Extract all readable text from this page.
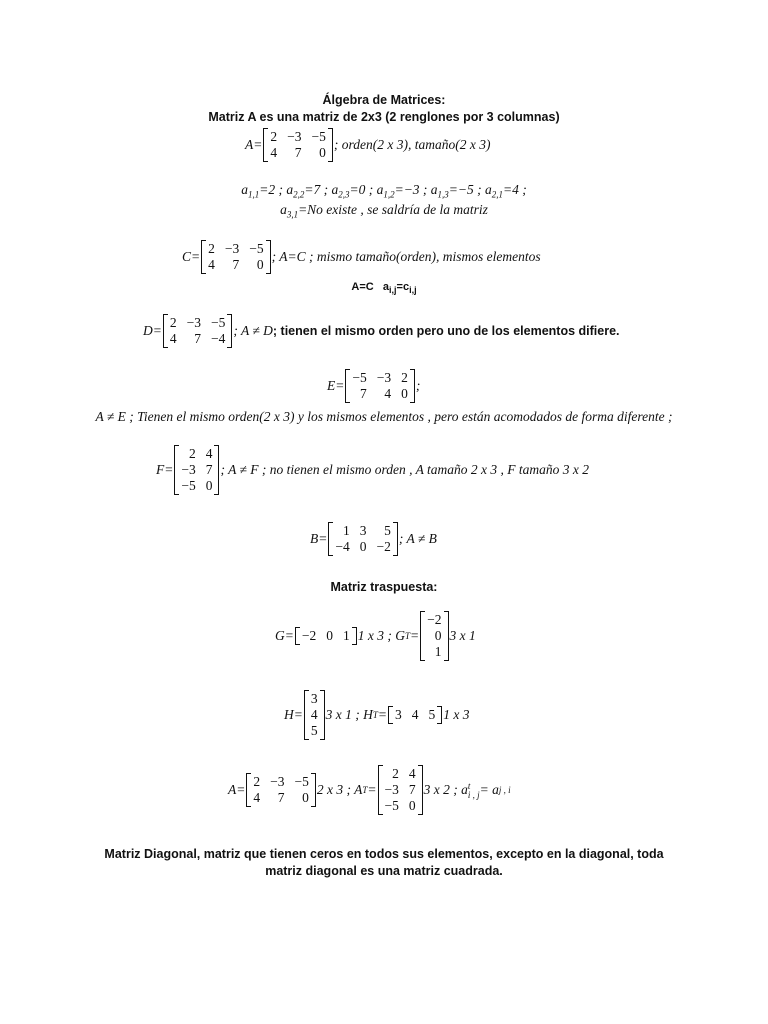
Álgebra de Matrices:
Matriz A es una matriz de 2x3 (2 renglones por 3 columnas)
A=
2	−3	−5
4	7	0
; orden(2 x 3), tamaño(2 x 3)
$a_{1,1}=2$ ; $a_{2,2}=7$ ; $a_{2,3}=0$ ; $a_{1,2}=-3$ ; $a_{1,3}=-5$ ; $a_{2,1}=4$ ;
$a_{3,1}=No$ existe , se saldría de la matriz
C=
2	−3	−5
4	7	0
; A=C ; mismo tamaño(orden), mismos elementos
A=C   $a_{i,j}=c_{i,j}$
D=
2	−3	−5
4	7	−4
; A ≠ D ; tienen el mismo orden pero uno de los elementos difiere.
E=
−5	−3	2
7	4	0
;
A ≠ E ; Tienen el mismo orden(2 x 3) y los mismos elementos , pero están acomodados de forma diferente ;
F=
2	4
−3	7
−5	0
; A ≠ F ; no tienen el mismo orden , A tamaño 2 x 3 , F tamaño 3 x 2
B=
1	3	5
−4	0	−2
; A ≠ B
Matriz traspuesta:
G= −2	0	1 1 x 3 ; G T =
−2
0
1
3 x 1
H=
3
4
5
3 x 1 ; H T = 3	4	5 1 x 3
A=
2	−3	−5
4	7	0
2 x 3 ; A T =
2	4
−3	7
−5	0
3 x 2 ; a t
i , j = a j , i
Matriz Diagonal, matriz que tienen ceros en todos sus elementos, excepto en la diagonal, toda
matriz diagonal es una matriz cuadrada.
